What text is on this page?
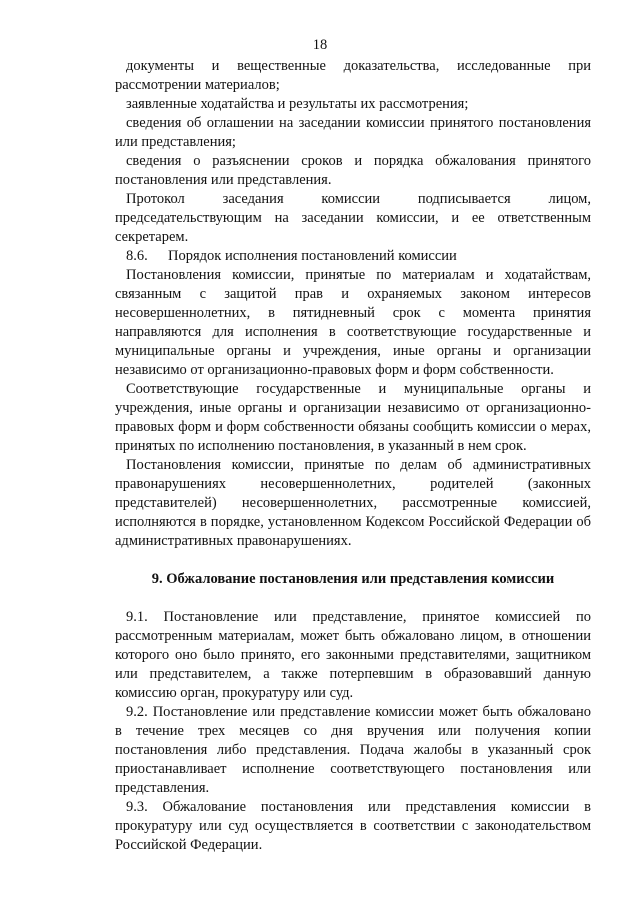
18

документы и вещественные доказательства, исследованные при рассмотрении материалов;

заявленные ходатайства и результаты их рассмотрения;

сведения об оглашении на заседании комиссии принятого постановления или представления;

сведения о разъяснении сроков и порядка обжалования принятого постановления или представления.

Протокол заседания комиссии подписывается лицом, председательствующим на заседании комиссии, и ее ответственным секретарем.

8.6. Порядок исполнения постановлений комиссии

Постановления комиссии, принятые по материалам и ходатайствам, связанным с защитой прав и охраняемых законом интересов несовершеннолетних, в пятидневный срок с момента принятия направляются для исполнения в соответствующие государственные и муниципальные органы и учреждения, иные органы и организации независимо от организационно-правовых форм и форм собственности.

Соответствующие государственные и муниципальные органы и учреждения, иные органы и организации независимо от организационно-правовых форм и форм собственности обязаны сообщить комиссии о мерах, принятых по исполнению постановления, в указанный в нем срок.

Постановления комиссии, принятые по делам об административных правонарушениях несовершеннолетних, родителей (законных представителей) несовершеннолетних, рассмотренные комиссией, исполняются в порядке, установленном Кодексом Российской Федерации об административных правонарушениях.

9. Обжалование постановления или представления комиссии

9.1. Постановление или представление, принятое комиссией по рассмотренным материалам, может быть обжаловано лицом, в отношении которого оно было принято, его законными представителями, защитником или представителем, а также потерпевшим в образовавший данную комиссию орган, прокуратуру или суд.

9.2. Постановление или представление комиссии может быть обжаловано в течение трех месяцев со дня вручения или получения копии постановления либо представления. Подача жалобы в указанный срок приостанавливает исполнение соответствующего постановления или представления.

9.3. Обжалование постановления или представления комиссии в прокуратуру или суд осуществляется в соответствии с законодательством Российской Федерации.
